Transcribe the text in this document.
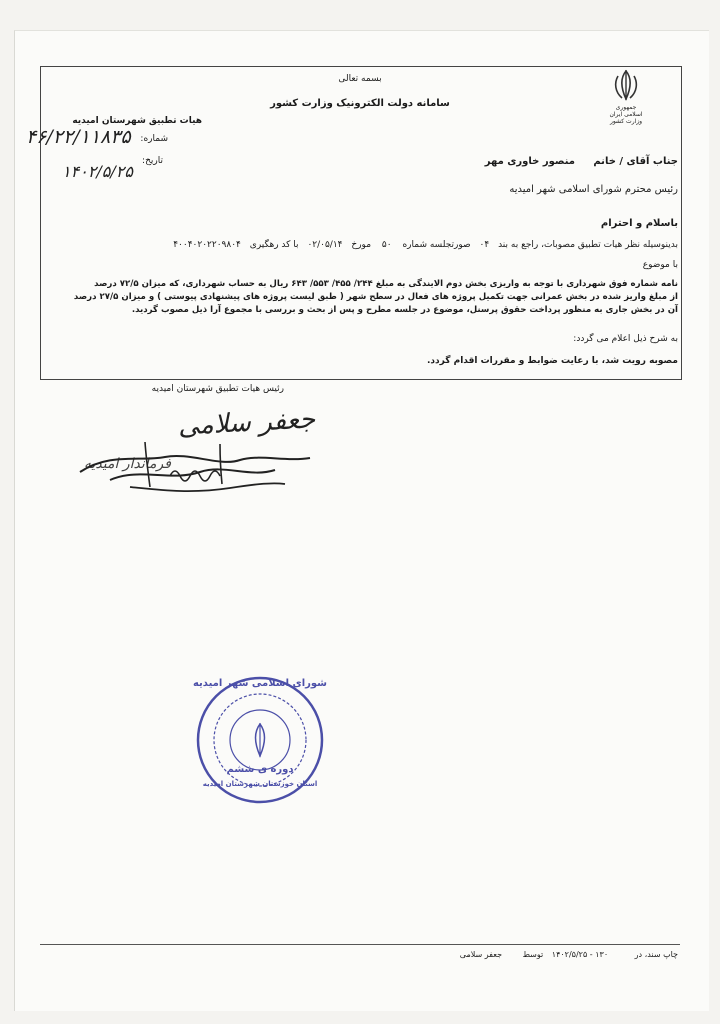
جمهوری اسلامی ایران
وزارت کشور
بسمه تعالی
سامانه دولت الکترونیک وزارت کشور
هیات تطبیق شهرستان امیدیه
۴۶/۲۲/۱۱۸۳۵ شماره:
تاریخ:
۱۴۰۲/۵/۲۵
جناب آقای / خانم
منصور خاوری مهر
رئیس محترم شورای اسلامی شهر امیدیه
باسلام و احترام
بدینوسیله نظر هیات تطبیق مصوبات، راجع به بند ۰۴ صورتجلسه شماره ۵۰ مورخ ۰۲/۰۵/۱۴ با کد رهگیری ۴۰۰۴۰۲۰۲۲۰۹۸۰۴
با موضوع
نامه شماره فوق شهرداری با توجه به واریزی بخش دوم الایندگی به مبلغ ۲۴۴/ ۴۵۵/ ۵۵۳/ ۶۴۳ ریال به حساب شهرداری، که میزان ۷۲/۵ درصد
از مبلغ واریز شده در بخش عمرانی جهت تکمیل پروژه های فعال در سطح شهر ( طبق لیست پروژه های پیشنهادی پیوستی ) و میزان ۲۷/۵ درصد
آن در بخش جاری به منظور پرداخت حقوق پرسنل، موضوع در جلسه مطرح و پس از بحث و بررسی با مجموع آرا ذیل مصوب گردید.
به شرح ذیل اعلام می گردد:
مصوبه رویت شد، با رعایت ضوابط و مقررات اقدام گردد.
رئیس هیات تطبیق شهرستان امیدیه
جعفر سلامی
فرماندار امیدیه
شورای اسلامی شهر امیدیه
دوره ی ششم
استان خوزستان شهرستان امیدیه
چاپ سند، در ۱۳۰ - ۱۴۰۲/۵/۲۵ توسط جعفر سلامی
